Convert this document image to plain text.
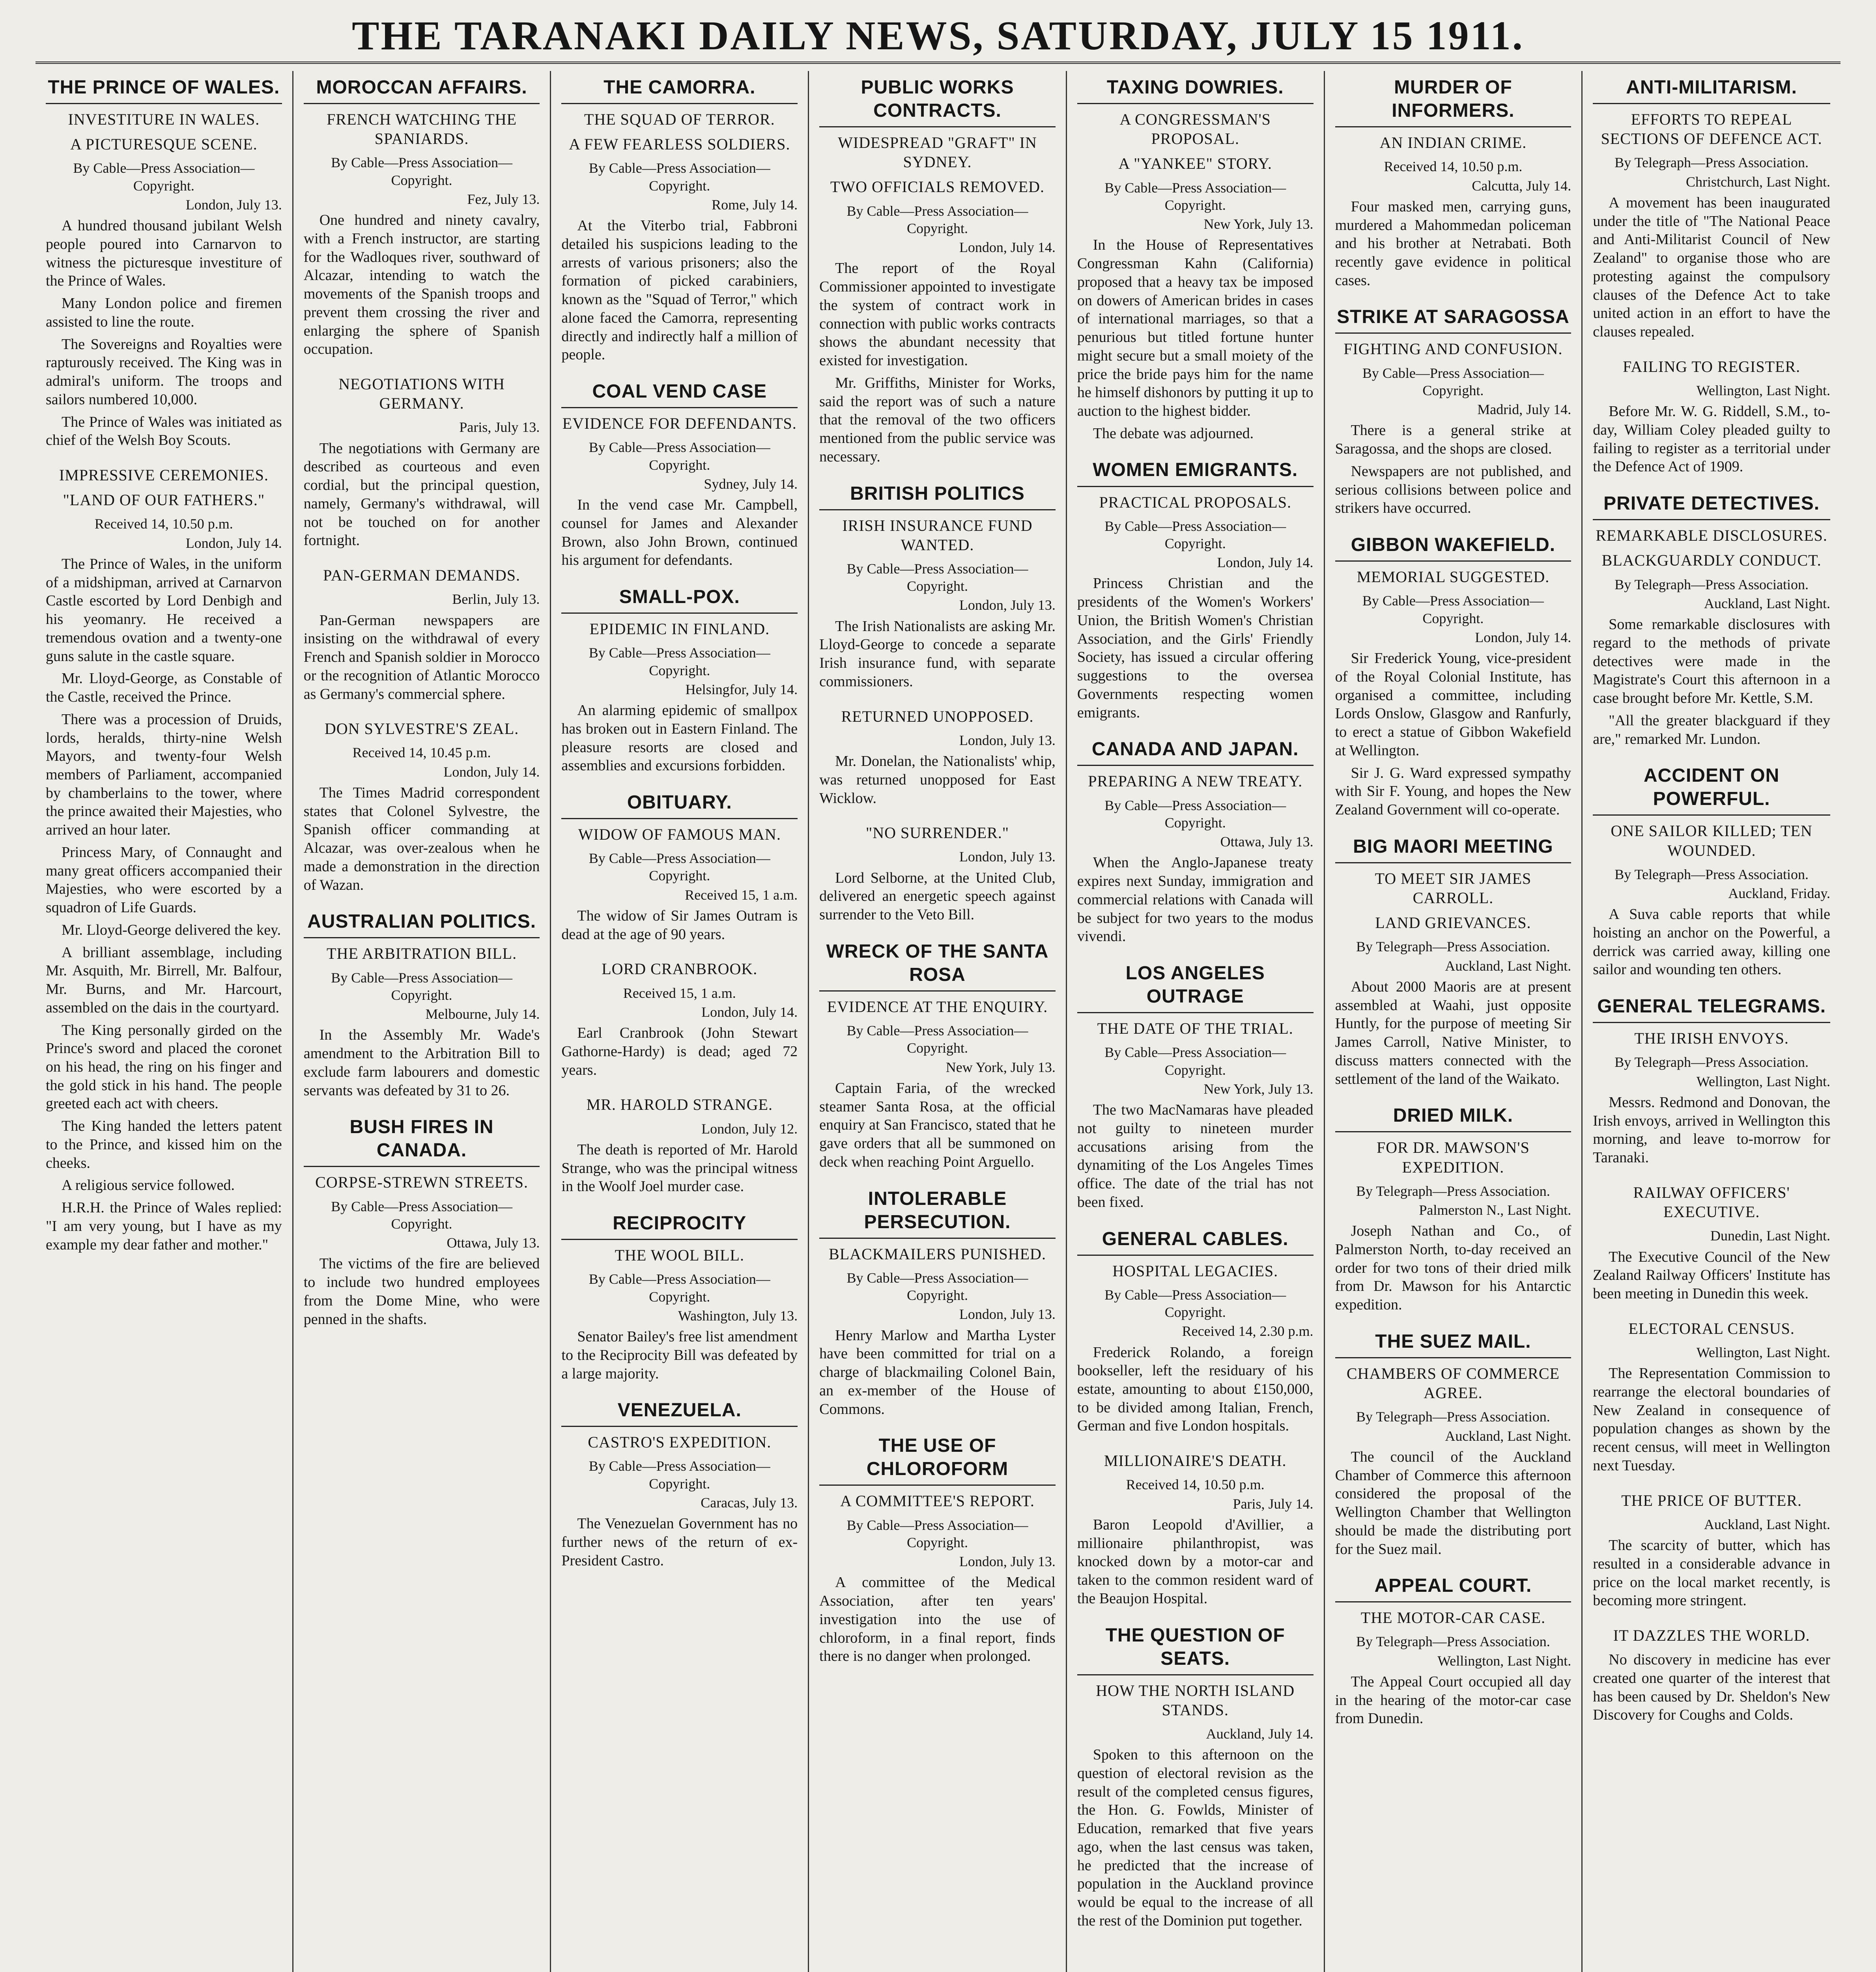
THE TARANAKI DAILY NEWS, SATURDAY, JULY 15 1911.
THE PRINCE OF WALES.
INVESTITURE IN WALES.
A PICTURESQUE SCENE.
By Cable—Press Association—Copyright.
London, July 13.

A hundred thousand jubilant Welsh people poured into Carnarvon to witness the picturesque investiture of the Prince of Wales.

Many London police and firemen assisted to line the route.

The Sovereigns and Royalties were rapturously received. The King was in admiral's uniform. The troops and sailors numbered 10,000.

The Prince of Wales was initiated as chief of the Welsh Boy Scouts.

IMPRESSIVE CEREMONIES.
"LAND OF OUR FATHERS."
Received 14, 10.50 p.m.
London, July 14.

The Prince of Wales, in the uniform of a midshipman, arrived at Carnarvon Castle escorted by Lord Denbigh and his yeomanry. He received a tremendous ovation and a twenty-one guns salute in the castle square.

Mr. Lloyd-George, as Constable of the Castle, received the Prince.

There was a procession of Druids, lords, heralds, thirty-nine Welsh Mayors, and twenty-four Welsh members of Parliament, accompanied by chamberlains to the tower, where the prince awaited their Majesties, who arrived an hour later.

Princess Mary, of Connaught and many great officers accompanied their Majesties, who were escorted by a squadron of Life Guards.

Mr. Lloyd-George delivered the key.

A brilliant assemblage, including Mr. Asquith, Mr. Birrell, Mr. Balfour, Mr. Burns, and Mr. Harcourt, assembled on the dais in the courtyard.

The King personally girded on the Prince's sword and placed the coronet on his head, the ring on his finger and the gold stick in his hand. The people greeted each act with cheers.

The King handed the letters patent to the Prince, and kissed him on the cheeks.

A religious service followed.

H.R.H. the Prince of Wales replied: "I am very young, but I have as my example my dear father and mother."

MOROCCAN AFFAIRS.
FRENCH WATCHING THE SPANIARDS.
By Cable—Press Association—Copyright.
Fez, July 13.

One hundred and ninety cavalry, with a French instructor, are starting for the Wadloques river, southward of Alcazar, intending to watch the movements of the Spanish troops and prevent them crossing the river and enlarging the sphere of Spanish occupation.

NEGOTIATIONS WITH GERMANY.
Paris, July 13.

The negotiations with Germany are described as courteous and even cordial, but the principal question, namely, Germany's withdrawal, will not be touched on for another fortnight.

PAN-GERMAN DEMANDS.
Berlin, July 13.

Pan-German newspapers are insisting on the withdrawal of every French and Spanish soldier in Morocco or the recognition of Atlantic Morocco as Germany's commercial sphere.

DON SYLVESTRE'S ZEAL.
Received 14, 10.45 p.m.
London, July 14.

The Times Madrid correspondent states that Colonel Sylvestre, the Spanish officer commanding at Alcazar, was over-zealous when he made a demonstration in the direction of Wazan.

AUSTRALIAN POLITICS.
THE ARBITRATION BILL.
By Cable—Press Association—Copyright.
Melbourne, July 14.

In the Assembly Mr. Wade's amendment to the Arbitration Bill to exclude farm labourers and domestic servants was defeated by 31 to 26.

BUSH FIRES IN CANADA.
CORPSE-STREWN STREETS.
By Cable—Press Association—Copyright.
Ottawa, July 13.

The victims of the fire are believed to include two hundred employees from the Dome Mine, who were penned in the shafts.

THE CAMORRA.
THE SQUAD OF TERROR.
A FEW FEARLESS SOLDIERS.
By Cable—Press Association—Copyright.
Rome, July 14.

At the Viterbo trial, Fabbroni detailed his suspicions leading to the arrests of various prisoners; also the formation of picked carabiniers, known as the "Squad of Terror," which alone faced the Camorra, representing directly and indirectly half a million of people.

COAL VEND CASE
EVIDENCE FOR DEFENDANTS.
By Cable—Press Association—Copyright.
Sydney, July 14.

In the vend case Mr. Campbell, counsel for James and Alexander Brown, also John Brown, continued his argument for defendants.

SMALL-POX.
EPIDEMIC IN FINLAND.
By Cable—Press Association—Copyright.
Helsingfor, July 14.

An alarming epidemic of smallpox has broken out in Eastern Finland. The pleasure resorts are closed and assemblies and excursions forbidden.

OBITUARY.
WIDOW OF FAMOUS MAN.
By Cable—Press Association—Copyright.
Received 15, 1 a.m.

The widow of Sir James Outram is dead at the age of 90 years.

LORD CRANBROOK.
Received 15, 1 a.m.
London, July 14.

Earl Cranbrook (John Stewart Gathorne-Hardy) is dead; aged 72 years.

MR. HAROLD STRANGE.
London, July 12.

The death is reported of Mr. Harold Strange, who was the principal witness in the Woolf Joel murder case.

RECIPROCITY
THE WOOL BILL.
By Cable—Press Association—Copyright.
Washington, July 13.

Senator Bailey's free list amendment to the Reciprocity Bill was defeated by a large majority.

VENEZUELA.
CASTRO'S EXPEDITION.
By Cable—Press Association—Copyright.
Caracas, July 13.

The Venezuelan Government has no further news of the return of ex-President Castro.

PUBLIC WORKS CONTRACTS.
WIDESPREAD "GRAFT" IN SYDNEY.
TWO OFFICIALS REMOVED.
By Cable—Press Association—Copyright.
London, July 14.

The report of the Royal Commissioner appointed to investigate the system of contract work in connection with public works contracts shows the abundant necessity that existed for investigation.

Mr. Griffiths, Minister for Works, said the report was of such a nature that the removal of the two officers mentioned from the public service was necessary.

BRITISH POLITICS
IRISH INSURANCE FUND WANTED.
By Cable—Press Association—Copyright.
London, July 13.

The Irish Nationalists are asking Mr. Lloyd-George to concede a separate Irish insurance fund, with separate commissioners.

RETURNED UNOPPOSED.
London, July 13.

Mr. Donelan, the Nationalists' whip, was returned unopposed for East Wicklow.

"NO SURRENDER."
London, July 13.

Lord Selborne, at the United Club, delivered an energetic speech against surrender to the Veto Bill.

WRECK OF THE SANTA ROSA
EVIDENCE AT THE ENQUIRY.
By Cable—Press Association—Copyright.
New York, July 13.

Captain Faria, of the wrecked steamer Santa Rosa, at the official enquiry at San Francisco, stated that he gave orders that all be summoned on deck when reaching Point Arguello.

INTOLERABLE PERSECUTION.
BLACKMAILERS PUNISHED.
By Cable—Press Association—Copyright.
London, July 13.

Henry Marlow and Martha Lyster have been committed for trial on a charge of blackmailing Colonel Bain, an ex-member of the House of Commons.

THE USE OF CHLOROFORM
A COMMITTEE'S REPORT.
By Cable—Press Association—Copyright.
London, July 13.

A committee of the Medical Association, after ten years' investigation into the use of chloroform, in a final report, finds there is no danger when prolonged.

TAXING DOWRIES.
A CONGRESSMAN'S PROPOSAL.
A "YANKEE" STORY.
By Cable—Press Association—Copyright.
New York, July 13.

In the House of Representatives Congressman Kahn (California) proposed that a heavy tax be imposed on dowers of American brides in cases of international marriages, so that a penurious but titled fortune hunter might secure but a small moiety of the price the bride pays him for the name he himself dishonors by putting it up to auction to the highest bidder.

The debate was adjourned.

WOMEN EMIGRANTS.
PRACTICAL PROPOSALS.
By Cable—Press Association—Copyright.
London, July 14.

Princess Christian and the presidents of the Women's Workers' Union, the British Women's Christian Association, and the Girls' Friendly Society, has issued a circular offering suggestions to the oversea Governments respecting women emigrants.

CANADA AND JAPAN.
PREPARING A NEW TREATY.
By Cable—Press Association—Copyright.
Ottawa, July 13.

When the Anglo-Japanese treaty expires next Sunday, immigration and commercial relations with Canada will be subject for two years to the modus vivendi.

LOS ANGELES OUTRAGE
THE DATE OF THE TRIAL.
By Cable—Press Association—Copyright.
New York, July 13.

The two MacNamaras have pleaded not guilty to nineteen murder accusations arising from the dynamiting of the Los Angeles Times office. The date of the trial has not been fixed.

GENERAL CABLES.
HOSPITAL LEGACIES.
By Cable—Press Association—Copyright.
Received 14, 2.30 p.m.

Frederick Rolando, a foreign bookseller, left the residuary of his estate, amounting to about £150,000, to be divided among Italian, French, German and five London hospitals.

MILLIONAIRE'S DEATH.
Received 14, 10.50 p.m.
Paris, July 14.

Baron Leopold d'Avillier, a millionaire philanthropist, was knocked down by a motor-car and taken to the common resident ward of the Beaujon Hospital.

THE QUESTION OF SEATS.
HOW THE NORTH ISLAND STANDS.
Auckland, July 14.

Spoken to this afternoon on the question of electoral revision as the result of the completed census figures, the Hon. G. Fowlds, Minister of Education, remarked that five years ago, when the last census was taken, he predicted that the increase of population in the Auckland province would be equal to the increase of all the rest of the Dominion put together.

MURDER OF INFORMERS.
AN INDIAN CRIME.
Received 14, 10.50 p.m.
Calcutta, July 14.

Four masked men, carrying guns, murdered a Mahommedan policeman and his brother at Netrabati. Both recently gave evidence in political cases.

STRIKE AT SARAGOSSA
FIGHTING AND CONFUSION.
By Cable—Press Association—Copyright.
Madrid, July 14.

There is a general strike at Saragossa, and the shops are closed.

Newspapers are not published, and serious collisions between police and strikers have occurred.

GIBBON WAKEFIELD.
MEMORIAL SUGGESTED.
By Cable—Press Association—Copyright.
London, July 14.

Sir Frederick Young, vice-president of the Royal Colonial Institute, has organised a committee, including Lords Onslow, Glasgow and Ranfurly, to erect a statue of Gibbon Wakefield at Wellington.

Sir J. G. Ward expressed sympathy with Sir F. Young, and hopes the New Zealand Government will co-operate.

BIG MAORI MEETING
TO MEET SIR JAMES CARROLL.
LAND GRIEVANCES.
By Telegraph—Press Association.
Auckland, Last Night.

About 2000 Maoris are at present assembled at Waahi, just opposite Huntly, for the purpose of meeting Sir James Carroll, Native Minister, to discuss matters connected with the settlement of the land of the Waikato.

DRIED MILK.
FOR DR. MAWSON'S EXPEDITION.
By Telegraph—Press Association.
Palmerston N., Last Night.

Joseph Nathan and Co., of Palmerston North, to-day received an order for two tons of their dried milk from Dr. Mawson for his Antarctic expedition.

THE SUEZ MAIL.
CHAMBERS OF COMMERCE AGREE.
By Telegraph—Press Association.
Auckland, Last Night.

The council of the Auckland Chamber of Commerce this afternoon considered the proposal of the Wellington Chamber that Wellington should be made the distributing port for the Suez mail.

APPEAL COURT.
THE MOTOR-CAR CASE.
By Telegraph—Press Association.
Wellington, Last Night.

The Appeal Court occupied all day in the hearing of the motor-car case from Dunedin.

ANTI-MILITARISM.
EFFORTS TO REPEAL SECTIONS OF DEFENCE ACT.
By Telegraph—Press Association.
Christchurch, Last Night.

A movement has been inaugurated under the title of "The National Peace and Anti-Militarist Council of New Zealand" to organise those who are protesting against the compulsory clauses of the Defence Act to take united action in an effort to have the clauses repealed.

FAILING TO REGISTER.
Wellington, Last Night.

Before Mr. W. G. Riddell, S.M., to-day, William Coley pleaded guilty to failing to register as a territorial under the Defence Act of 1909.

PRIVATE DETECTIVES.
REMARKABLE DISCLOSURES.
BLACKGUARDLY CONDUCT.
By Telegraph—Press Association.
Auckland, Last Night.

Some remarkable disclosures with regard to the methods of private detectives were made in the Magistrate's Court this afternoon in a case brought before Mr. Kettle, S.M.

"All the greater blackguard if they are," remarked Mr. Lundon.

ACCIDENT ON POWERFUL.
ONE SAILOR KILLED; TEN WOUNDED.
By Telegraph—Press Association.
Auckland, Friday.

A Suva cable reports that while hoisting an anchor on the Powerful, a derrick was carried away, killing one sailor and wounding ten others.

GENERAL TELEGRAMS.
THE IRISH ENVOYS.
By Telegraph—Press Association.
Wellington, Last Night.

Messrs. Redmond and Donovan, the Irish envoys, arrived in Wellington this morning, and leave to-morrow for Taranaki.

RAILWAY OFFICERS' EXECUTIVE.
Dunedin, Last Night.

The Executive Council of the New Zealand Railway Officers' Institute has been meeting in Dunedin this week.

ELECTORAL CENSUS.
Wellington, Last Night.

The Representation Commission to rearrange the electoral boundaries of New Zealand in consequence of population changes as shown by the recent census, will meet in Wellington next Tuesday.

THE PRICE OF BUTTER.
Auckland, Last Night.

The scarcity of butter, which has resulted in a considerable advance in price on the local market recently, is becoming more stringent.

IT DAZZLES THE WORLD.

No discovery in medicine has ever created one quarter of the interest that has been caused by Dr. Sheldon's New Discovery for Coughs and Colds.
